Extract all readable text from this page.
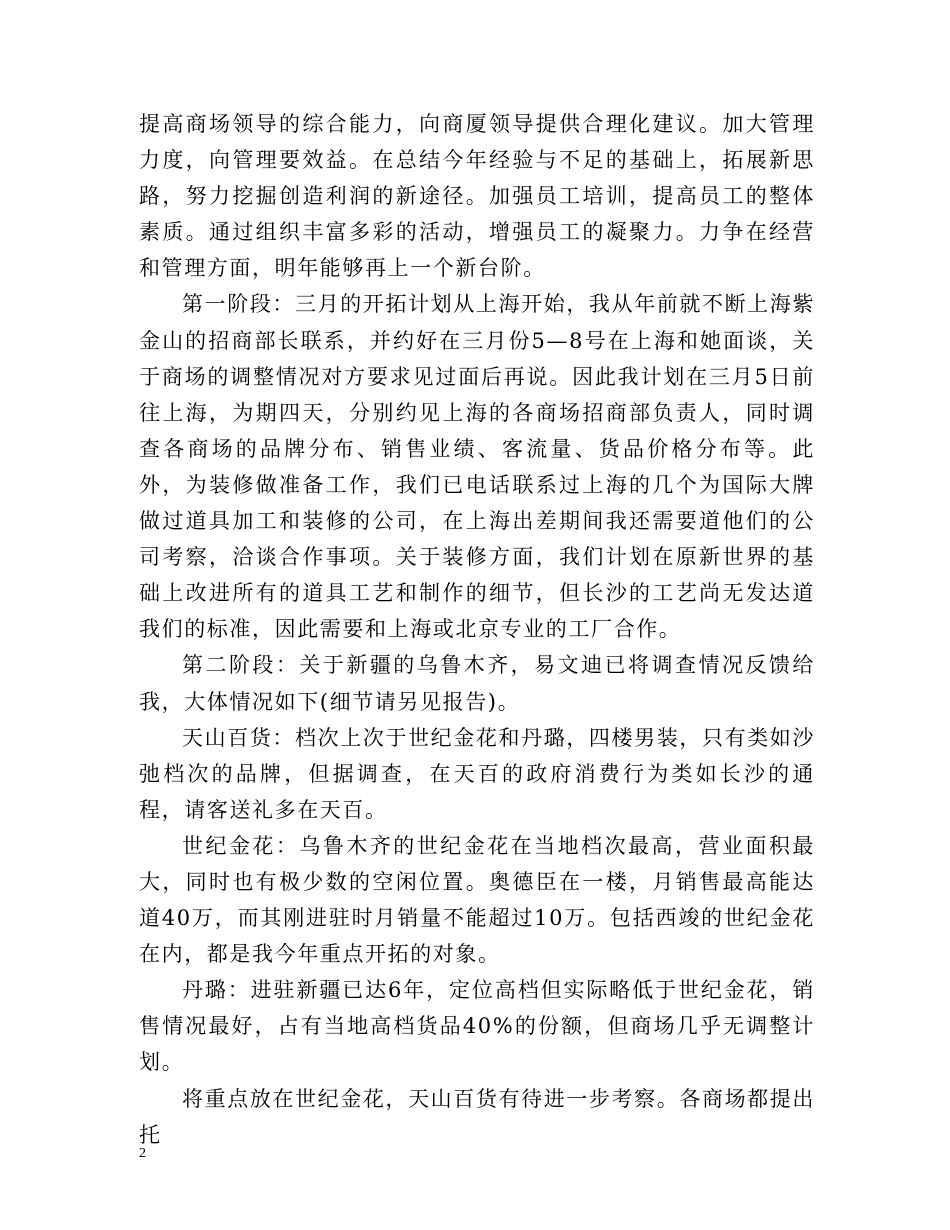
提高商场领导的综合能力，向商厦领导提供合理化建议。加大管理力度，向管理要效益。在总结今年经验与不足的基础上，拓展新思路，努力挖掘创造利润的新途径。加强员工培训，提高员工的整体素质。通过组织丰富多彩的活动，增强员工的凝聚力。力争在经营和管理方面，明年能够再上一个新台阶。

第一阶段：三月的开拓计划从上海开始，我从年前就不断上海紫金山的招商部长联系，并约好在三月份5—8号在上海和她面谈，关于商场的调整情况对方要求见过面后再说。因此我计划在三月5日前往上海，为期四天，分别约见上海的各商场招商部负责人，同时调查各商场的品牌分布、销售业绩、客流量、货品价格分布等。此外，为装修做准备工作，我们已电话联系过上海的几个为国际大牌做过道具加工和装修的公司，在上海出差期间我还需要道他们的公司考察，洽谈合作事项。关于装修方面，我们计划在原新世界的基础上改进所有的道具工艺和制作的细节，但长沙的工艺尚无发达道我们的标准，因此需要和上海或北京专业的工厂合作。

第二阶段：关于新疆的乌鲁木齐，易文迪已将调查情况反馈给我，大体情况如下(细节请另见报告)。

天山百货：档次上次于世纪金花和丹璐，四楼男装，只有类如沙弛档次的品牌，但据调查，在天百的政府消费行为类如长沙的通程，请客送礼多在天百。

世纪金花：乌鲁木齐的世纪金花在当地档次最高，营业面积最大，同时也有极少数的空闲位置。奥德臣在一楼，月销售最高能达道40万，而其刚进驻时月销量不能超过10万。包括西竣的世纪金花在内，都是我今年重点开拓的对象。

丹璐：进驻新疆已达6年，定位高档但实际略低于世纪金花，销售情况最好，占有当地高档货品40%的份额，但商场几乎无调整计划。

将重点放在世纪金花，天山百货有待进一步考察。各商场都提出托

2
